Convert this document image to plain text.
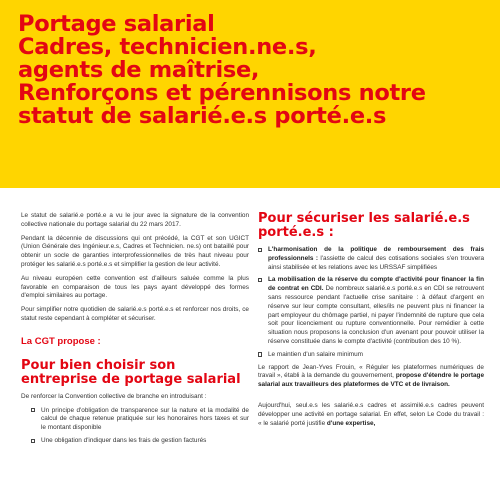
Portage salarial
Cadres, technicien.ne.s,
agents de maîtrise,
Renforçons et pérennisons notre
statut de salarié.e.s porté.e.s

Le statut de salarié.e porté.e a vu le jour avec la signature de la convention collective nationale du portage salarial du 22 mars 2017.

Pendant la décennie de discussions qui ont précédé, la CGT et son UGICT (Union Générale des Ingénieur.e.s, Cadres et Technicien. ne.s) ont bataillé pour obtenir un socle de garanties interprofessionnelles de très haut niveau pour protéger les salarié.e.s porté.e.s et simplifier la gestion de leur activité.

Au niveau européen cette convention est d'ailleurs saluée comme la plus favorable en comparaison de tous les pays ayant développé des formes d'emploi similaires au portage.

Pour simplifier notre quotidien de salarié.e.s porté.e.s et renforcer nos droits, ce statut reste cependant à compléter et sécuriser.

La CGT propose :
Pour bien choisir son
entreprise de portage salarial

De renforcer la Convention collective de branche en introduisant :

Un principe d'obligation de transparence sur la nature et la modalité de calcul de chaque retenue pratiquée sur les honoraires hors taxes et sur le montant disponible
Une obligation d'indiquer dans les frais de gestion facturés
Pour sécuriser les salarié.e.s
porté.e.s :
L'harmonisation de la politique de remboursement des frais professionnels : l'assiette de calcul des cotisations sociales s'en trouvera ainsi stabilisée et les relations avec les URSSAF simplifiées
La mobilisation de la réserve du compte d'activité pour financer la fin de contrat en CDI. De nombreux salarié.e.s porté.e.s en CDI se retrouvent sans ressource pendant l'actuelle crise sanitaire : à défaut d'argent en réserve sur leur compte consultant, elles/ils ne peuvent plus ni financer la part employeur du chômage partiel, ni payer l'indemnité de rupture que cela soit pour licenciement ou rupture conventionnelle. Pour remédier à cette situation nous proposons la conclusion d'un avenant pour pouvoir utiliser la réserve constituée dans le compte d'activité (contribution des 10 %).
Le maintien d'un salaire minimum

Le rapport de Jean-Yves Frouin, « Réguler les plateformes numériques de travail », établi à la demande du gouvernement, propose d'étendre le portage salarial aux travailleurs des plateformes de VTC et de livraison.

Aujourd'hui, seul.e.s les salarié.e.s cadres et assimilé.e.s cadres peuvent développer une activité en portage salarial. En effet, selon Le Code du travail : « le salarié porté justifie d'une expertise,
